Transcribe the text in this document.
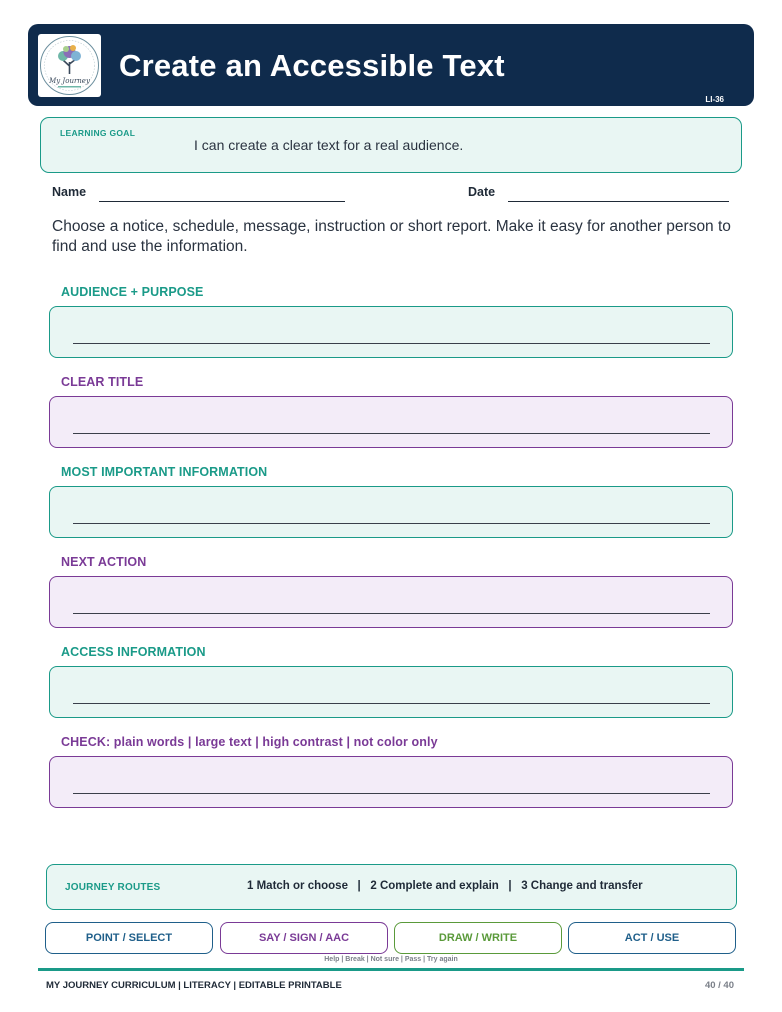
My Journey Create an Accessible Text
LI-36
LEARNING GOAL
I can create a clear text for a real audience.
Name	Date
Choose a notice, schedule, message, instruction or short report. Make it easy for another person to find and use the information.
AUDIENCE + PURPOSE
CLEAR TITLE
MOST IMPORTANT INFORMATION
NEXT ACTION
ACCESS INFORMATION
CHECK: plain words | large text | high contrast | not color only
JOURNEY ROUTES	1 Match or choose   |   2 Complete and explain   |   3 Change and transfer
POINT / SELECT	SAY / SIGN / AAC	DRAW / WRITE	ACT / USE
Help | Break | Not sure | Pass | Try again
MY JOURNEY CURRICULUM | LITERACY | EDITABLE PRINTABLE	40 / 40
